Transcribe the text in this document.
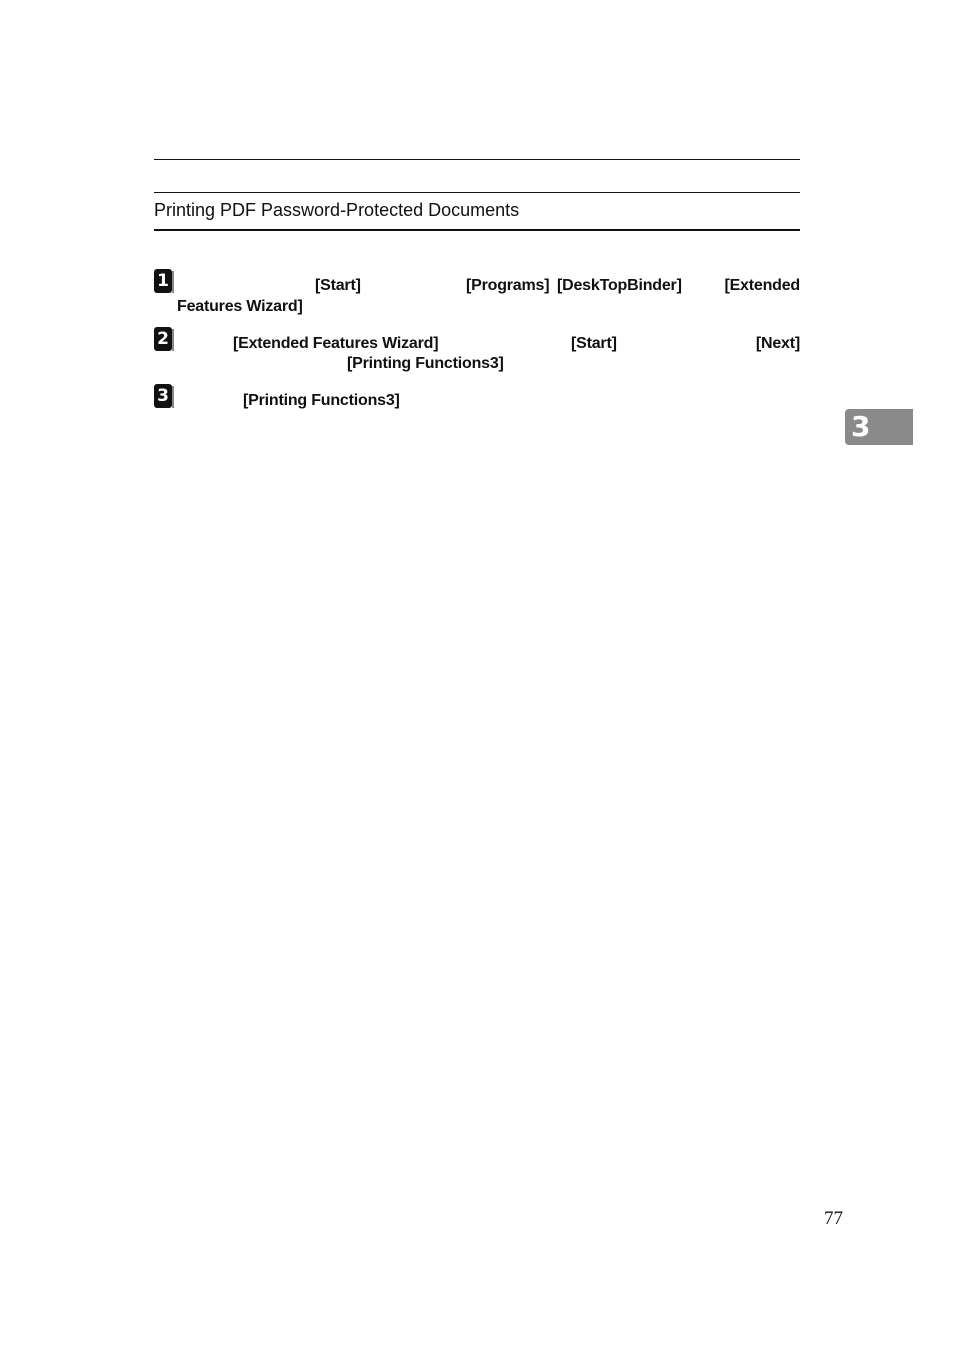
Printing PDF Password-Protected Documents
1	[Start]	[Programs] [DeskTopBinder]	[Extended
Features Wizard]
2	[Extended Features Wizard]	[Start]	[Next]
[Printing Functions3]
3	[Printing Functions3]
3
77
